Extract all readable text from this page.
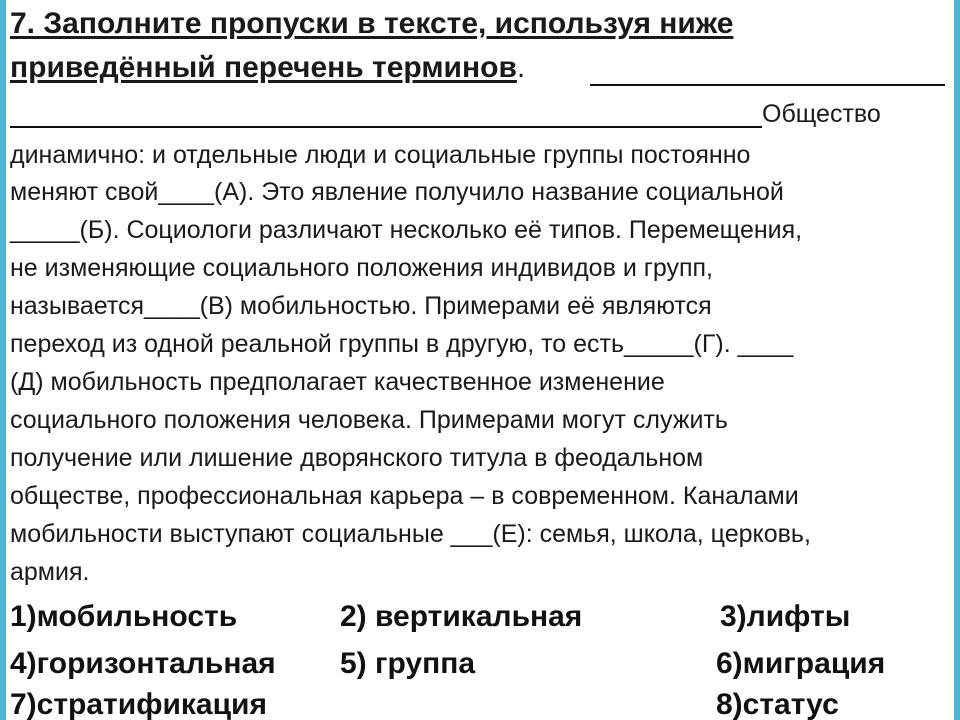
7. Заполните пропуски в тексте, используя ниже
приведённый перечень терминов.
Общество
динамично: и отдельные люди и социальные группы постоянно
меняют свой____(А). Это явление получило название социальной
_____(Б). Социологи различают несколько её типов. Перемещения,
не изменяющие социального положения индивидов и групп,
называется____(В) мобильностью. Примерами её являются
переход из одной реальной группы в другую, то есть_____(Г). ____
(Д) мобильность предполагает качественное изменение
социального положения человека. Примерами могут служить
получение или лишение дворянского титула в феодальном
обществе, профессиональная карьера – в современном. Каналами
мобильности выступают социальные ___(Е): семья, школа, церковь,
армия.
1)мобильность	2) вертикальная	3)лифты
4)горизонтальная 5) группа	6)миграция
7)стратификация	8)статус
